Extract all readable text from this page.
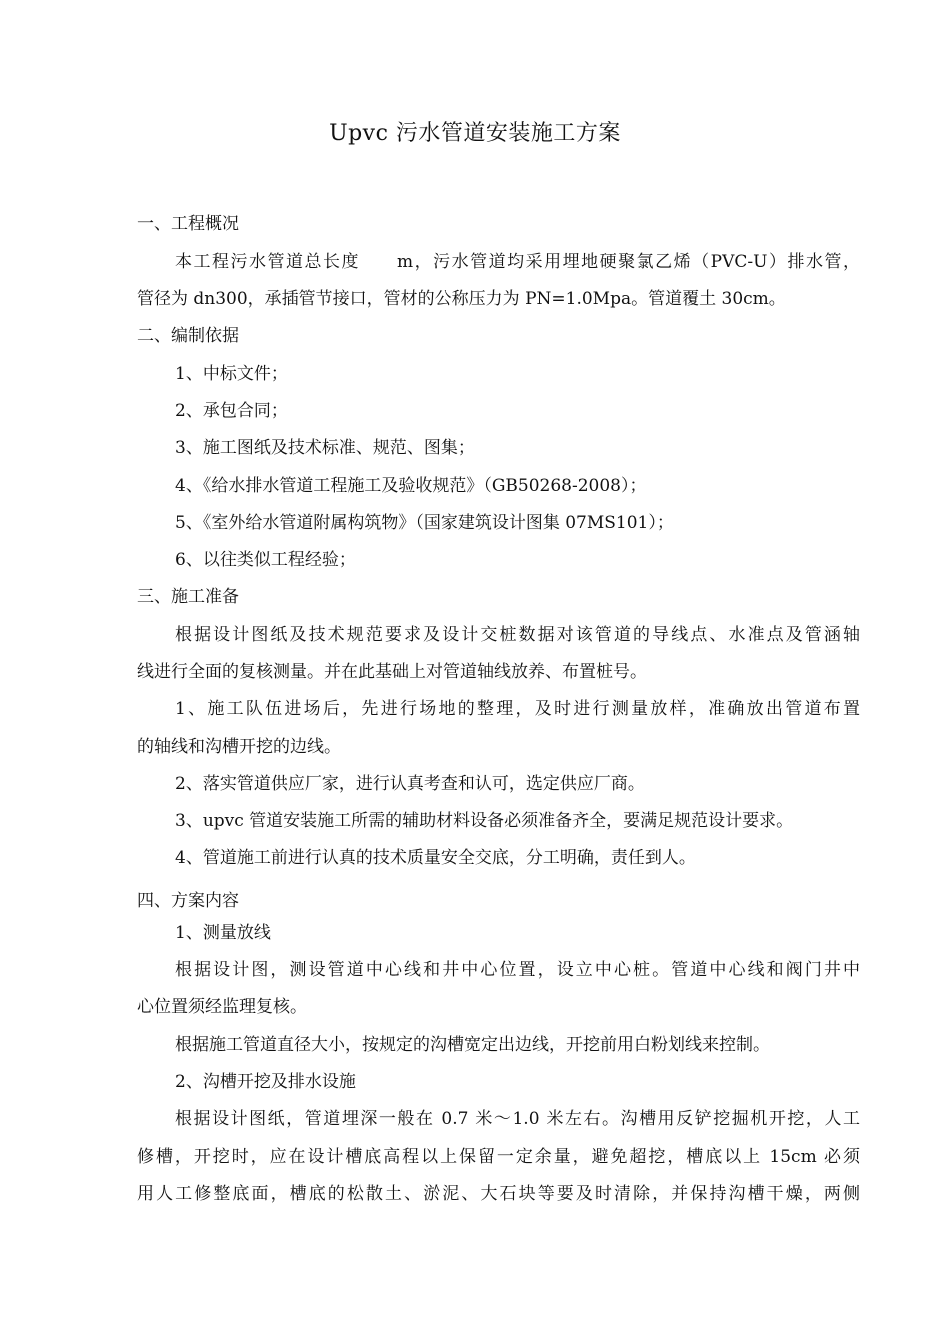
Upvc 污水管道安装施工方案
一、工程概况
本工程污水管道总长度　　m，污水管道均采用埋地硬聚氯乙烯（PVC-U）排水管，
管径为 dn300，承插管节接口，管材的公称压力为 PN=1.0Mpa。管道覆土 30cm。
二、编制依据
1、中标文件；
2、承包合同；
3、施工图纸及技术标准、规范、图集；
4、《给水排水管道工程施工及验收规范》（GB50268-2008）；
5、《室外给水管道附属构筑物》（国家建筑设计图集 07MS101）；
6、以往类似工程经验；
三、施工准备
根据设计图纸及技术规范要求及设计交桩数据对该管道的导线点、水准点及管涵轴
线进行全面的复核测量。并在此基础上对管道轴线放养、布置桩号。
1、施工队伍进场后，先进行场地的整理，及时进行测量放样，准确放出管道布置
的轴线和沟槽开挖的边线。
2、落实管道供应厂家，进行认真考查和认可，选定供应厂商。
3、upvc 管道安装施工所需的辅助材料设备必须准备齐全，要满足规范设计要求。
4、管道施工前进行认真的技术质量安全交底，分工明确，责任到人。
四、方案内容
1、测量放线
根据设计图，测设管道中心线和井中心位置，设立中心桩。管道中心线和阀门井中
心位置须经监理复核。
根据施工管道直径大小，按规定的沟槽宽定出边线，开挖前用白粉划线来控制。
2、沟槽开挖及排水设施
根据设计图纸，管道埋深一般在 0.7 米～1.0 米左右。沟槽用反铲挖掘机开挖，人工
修槽，开挖时，应在设计槽底高程以上保留一定余量，避免超挖，槽底以上 15cm 必须
用人工修整底面，槽底的松散土、淤泥、大石块等要及时清除，并保持沟槽干燥，两侧
